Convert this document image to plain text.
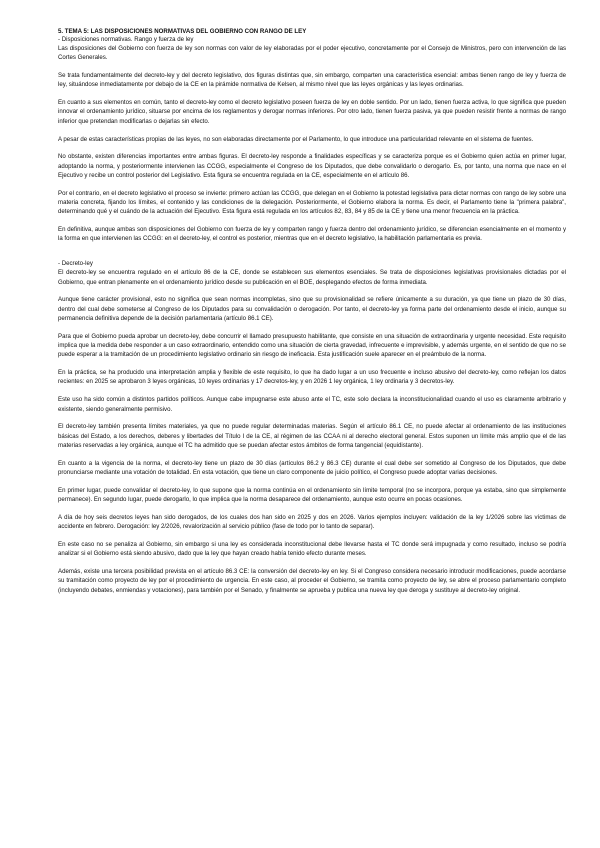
5. TEMA 5: LAS DISPOSICIONES NORMATIVAS DEL GOBIERNO CON RANGO DE LEY

- Disposiciones normativas. Rango y fuerza de ley

Las disposiciones del Gobierno con fuerza de ley son normas con valor de ley elaboradas por el poder ejecutivo, concretamente por el Consejo de Ministros, pero con intervención de las Cortes Generales.

Se trata fundamentalmente del decreto-ley y del decreto legislativo, dos figuras distintas que, sin embargo, comparten una característica esencial: ambas tienen rango de ley y fuerza de ley, situándose inmediatamente por debajo de la CE en la pirámide normativa de Kelsen, al mismo nivel que las leyes orgánicas y las leyes ordinarias.

En cuanto a sus elementos en común, tanto el decreto-ley como el decreto legislativo poseen fuerza de ley en doble sentido. Por un lado, tienen fuerza activa, lo que significa que pueden innovar el ordenamiento jurídico, situarse por encima de los reglamentos y derogar normas inferiores. Por otro lado, tienen fuerza pasiva, ya que pueden resistir frente a normas de rango inferior que pretendan modificarlas o dejarlas sin efecto.

A pesar de estas características propias de las leyes, no son elaboradas directamente por el Parlamento, lo que introduce una particularidad relevante en el sistema de fuentes.

No obstante, existen diferencias importantes entre ambas figuras. El decreto-ley responde a finalidades específicas y se caracteriza porque es el Gobierno quien actúa en primer lugar, adoptando la norma, y posteriormente intervienen las CCGG, especialmente el Congreso de los Diputados, que debe convalidarlo o derogarlo. Es, por tanto, una norma que nace en el Ejecutivo y recibe un control posterior del Legislativo. Esta figura se encuentra regulada en la CE, especialmente en el artículo 86.

Por el contrario, en el decreto legislativo el proceso se invierte: primero actúan las CCGG, que delegan en el Gobierno la potestad legislativa para dictar normas con rango de ley sobre una materia concreta, fijando los límites, el contenido y las condiciones de la delegación. Posteriormente, el Gobierno elabora la norma. Es decir, el Parlamento tiene la "primera palabra", determinando qué y el cuándo de la actuación del Ejecutivo. Esta figura está regulada en los artículos 82, 83, 84 y 85 de la CE y tiene una menor frecuencia en la práctica.

En definitiva, aunque ambas son disposiciones del Gobierno con fuerza de ley y comparten rango y fuerza dentro del ordenamiento jurídico, se diferencian esencialmente en el momento y la forma en que intervienen las CCGG: en el decreto-ley, el control es posterior, mientras que en el decreto legislativo, la habilitación parlamentaria es previa.

- Decreto-ley

El decreto-ley se encuentra regulado en el artículo 86 de la CE, donde se establecen sus elementos esenciales. Se trata de disposiciones legislativas provisionales dictadas por el Gobierno, que entran plenamente en el ordenamiento jurídico desde su publicación en el BOE, desplegando efectos de forma inmediata.

Aunque tiene carácter provisional, esto no significa que sean normas incompletas, sino que su provisionalidad se refiere únicamente a su duración, ya que tiene un plazo de 30 días, dentro del cual debe someterse al Congreso de los Diputados para su convalidación o derogación. Por tanto, el decreto-ley ya forma parte del ordenamiento desde el inicio, aunque su permanencia definitiva depende de la decisión parlamentaria (artículo 86.1 CE).

Para que el Gobierno pueda aprobar un decreto-ley, debe concurrir el llamado presupuesto habilitante, que consiste en una situación de extraordinaria y urgente necesidad. Este requisito implica que la medida debe responder a un caso extraordinario, entendido como una situación de cierta gravedad, infrecuente e imprevisible, y además urgente, en el sentido de que no se puede esperar a la tramitación de un procedimiento legislativo ordinario sin riesgo de ineficacia. Esta justificación suele aparecer en el preámbulo de la norma.

En la práctica, se ha producido una interpretación amplia y flexible de este requisito, lo que ha dado lugar a un uso frecuente e incluso abusivo del decreto-ley, como reflejan los datos recientes: en 2025 se aprobaron 3 leyes orgánicas, 10 leyes ordinarias y 17 decretos-ley, y en 2026 1 ley orgánica, 1 ley ordinaria y 3 decretos-ley.

Este uso ha sido común a distintos partidos políticos. Aunque cabe impugnarse este abuso ante el TC, este solo declara la inconstitucionalidad cuando el uso es claramente arbitrario y existente, siendo generalmente permisivo.

El decreto-ley también presenta límites materiales, ya que no puede regular determinadas materias. Según el artículo 86.1 CE, no puede afectar al ordenamiento de las instituciones básicas del Estado, a los derechos, deberes y libertades del Título I de la CE, al régimen de las CCAA ni al derecho electoral general. Estos suponen un límite más amplio que el de las materias reservadas a ley orgánica, aunque el TC ha admitido que se puedan afectar estos ámbitos de forma tangencial (equidistante).

En cuanto a la vigencia de la norma, el decreto-ley tiene un plazo de 30 días (artículos 86.2 y 86.3 CE) durante el cual debe ser sometido al Congreso de los Diputados, que debe pronunciarse mediante una votación de totalidad. En esta votación, que tiene un claro componente de juicio político, el Congreso puede adoptar varias decisiones.

En primer lugar, puede convalidar el decreto-ley, lo que supone que la norma continúa en el ordenamiento sin límite temporal (no se incorpora, porque ya estaba, sino que simplemente permanece). En segundo lugar, puede derogarlo, lo que implica que la norma desaparece del ordenamiento, aunque esto ocurre en pocas ocasiones.

A día de hoy seis decretos leyes han sido derogados, de los cuales dos han sido en 2025 y dos en 2026. Varios ejemplos incluyen: validación de la ley 1/2026 sobre las víctimas de accidente en febrero. Derogación: ley 2/2026, revalorización al servicio público (fase de todo por lo tanto de separar).

En este caso no se penaliza al Gobierno, sin embargo si una ley es considerada inconstitucional debe llevarse hasta el TC donde será impugnada y como resultado, incluso se podría analizar si el Gobierno está siendo abusivo, dado que la ley que hayan creado había tenido efecto durante meses.

Además, existe una tercera posibilidad prevista en el artículo 86.3 CE: la conversión del decreto-ley en ley. Si el Congreso considera necesario introducir modificaciones, puede acordarse su tramitación como proyecto de ley por el procedimiento de urgencia. En este caso, al proceder el Gobierno, se tramita como proyecto de ley, se abre el proceso parlamentario completo (incluyendo debates, enmiendas y votaciones), para también por el Senado, y finalmente se aprueba y publica una nueva ley que deroga y sustituye al decreto-ley original.
